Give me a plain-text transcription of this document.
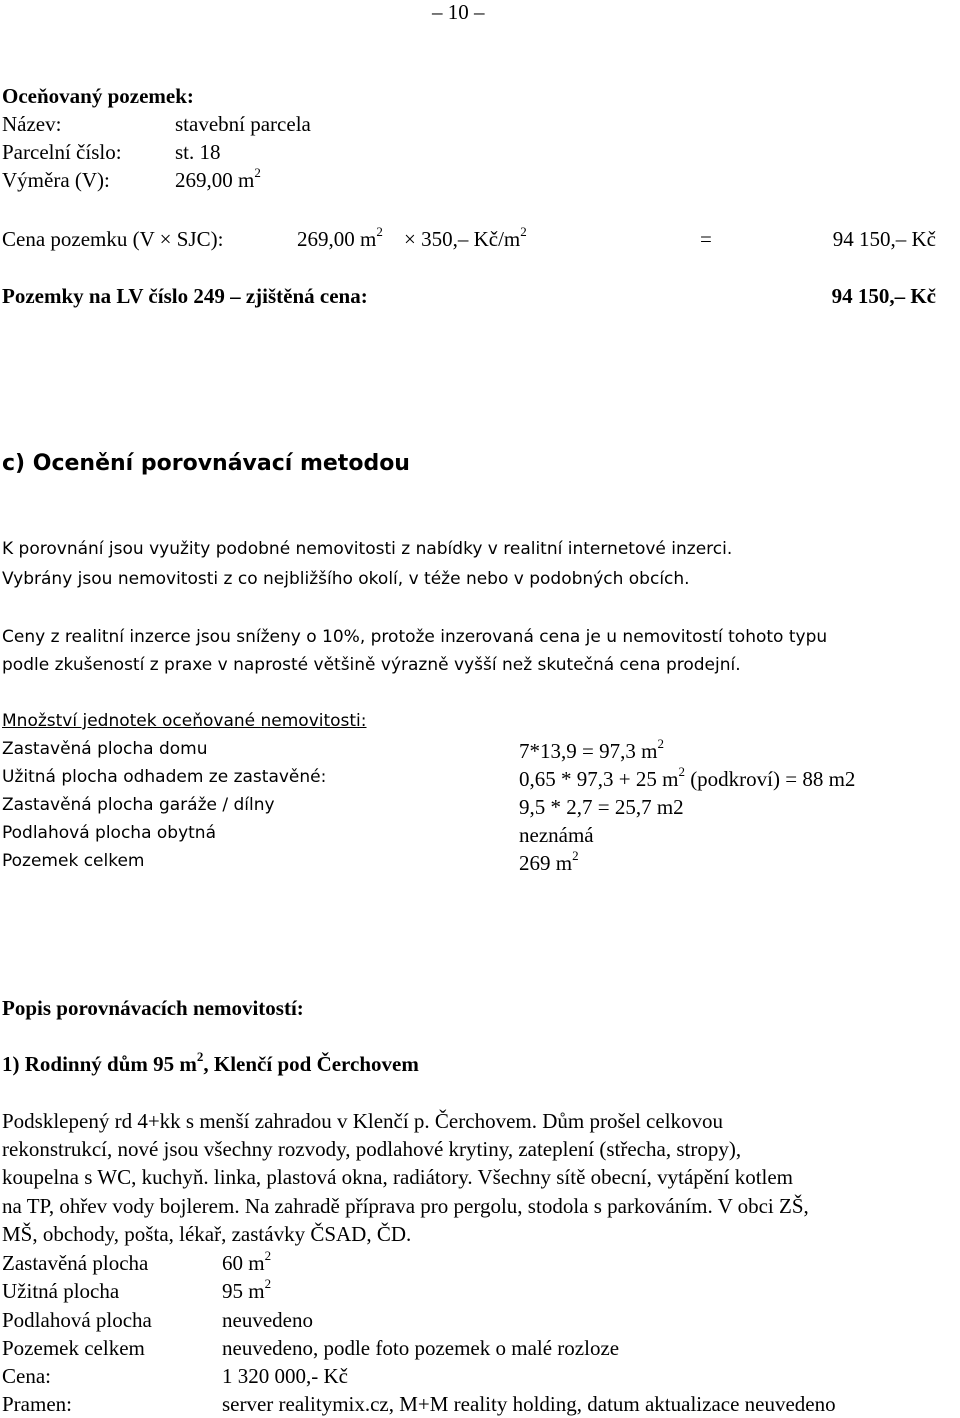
– 10 –
Oceňovaný pozemek:
Název:	stavební parcela
Parcelní číslo:	st. 18
Výměra (V):	269,00 $m^2$
Cena pozemku (V × SJC):	269,00 $m^2 \times 350,-$ $Kč/m^2$	=	94 150,– Kč
Pozemky na LV číslo 249 – zjištěná cena:	94 150,– Kč
c) Ocenění porovnávací metodou
K porovnání jsou využity podobné nemovitosti z nabídky v realitní internetové inzerci.
Vybrány jsou nemovitosti z co nejbližšího okolí, v téže nebo v podobných obcích.
Ceny z realitní inzerce jsou sníženy o 10%, protože inzerovaná cena je u nemovitostí tohoto typu
podle zkušeností z praxe v naprosté většině výrazně vyšší než skutečná cena prodejní.
Množství jednotek oceňované nemovitosti:
Zastavěná plocha domu	7*13,9 = 97,3 $m^2$
Užitná plocha odhadem ze zastavěné:	0,65 * 97,3 + 25 $m^2$ (podkroví) = 88 m2
Zastavěná plocha garáže / dílny	9,5 * 2,7 = 25,7 m2
Podlahová plocha obytná	neznámá
Pozemek celkem	269 $m^2$
Popis porovnávacích nemovitostí:
1) Rodinný dům 95 $m^2$, Klenčí pod Čerchovem
Podsklepený rd 4+kk s menší zahradou v Klenčí p. Čerchovem. Dům prošel celkovou
rekonstrukcí, nové jsou všechny rozvody, podlahové krytiny, zateplení (střecha, stropy),
koupelna s WC, kuchyň. linka, plastová okna, radiátory. Všechny sítě obecní, vytápění kotlem
na TP, ohřev vody bojlerem. Na zahradě příprava pro pergolu, stodola s parkováním. V obci ZŠ,
MŠ, obchody, pošta, lékař, zastávky ČSAD, ČD.
Zastavěná plocha	60 $m^2$
Užitná plocha	95 $m^2$
Podlahová plocha	neuvedeno
Pozemek celkem	neuvedeno, podle foto pozemek o malé rozloze
Cena:	1 320 000,- Kč
Pramen:	server realitymix.cz, M+M reality holding, datum aktualizace neuvedeno
